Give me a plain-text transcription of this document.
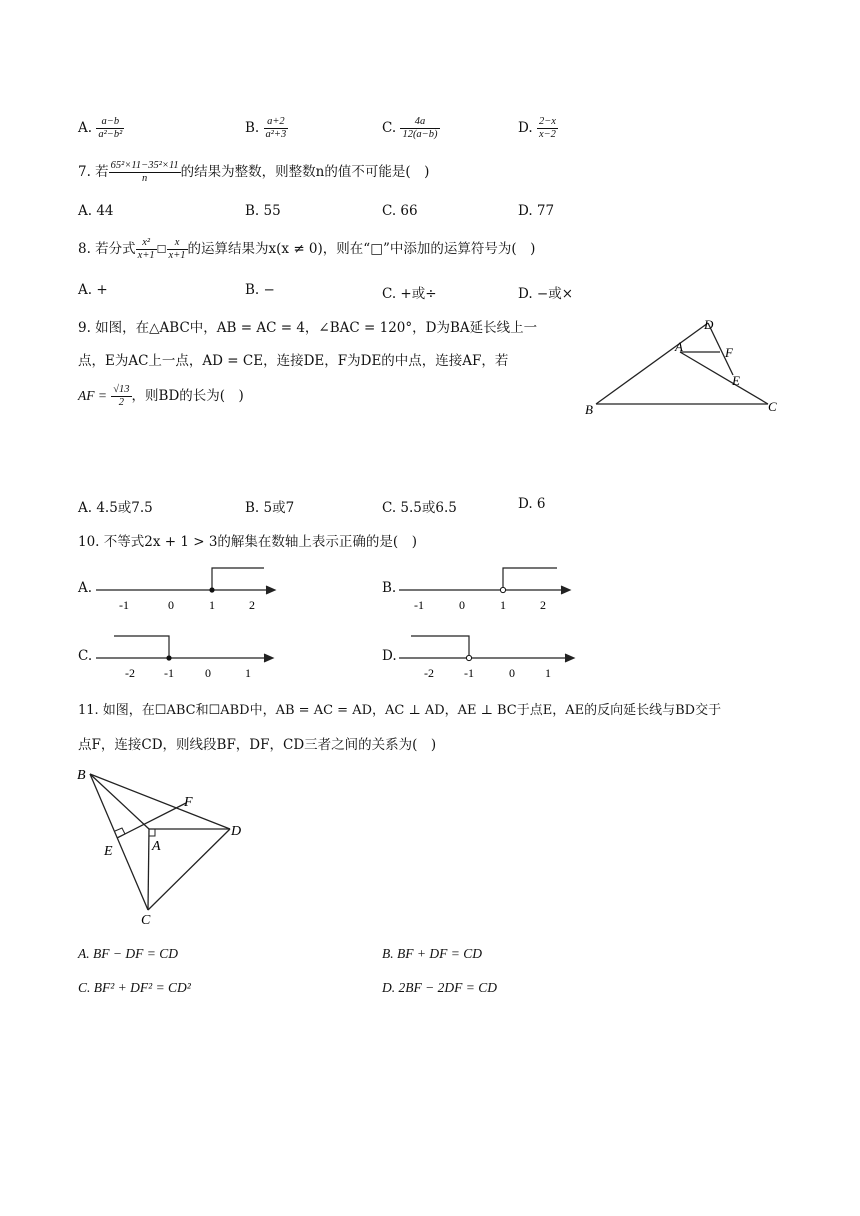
A. $\frac{a-b}{\text{a²−b²}}$	B. $\frac{a+2}{\text{a²+3}}$	C. $\frac{4a}{12(a-b)}$	D. $\frac{2-x}{x-2}$
7. 若 $\frac{\text{65²×11−35²×11}}{n}$ 的结果为整数，则整数n的值不可能是(　)
A. 44	B. 55	C. 66	D. 77
8. 若分式 $\frac{\text{x²}}{x+1}$ ☐ $\frac{x}{x+1}$ 的运算结果为x(x ≠ 0)，则在“□”中添加的运算符号为(　)
A. +	B. −	C. +或÷	D. −或×
9. 如图，在△ABC中，AB = AC = 4，∠BAC = 120°，D为BA延长线上一
点，E为AC上一点，AD = CE，连接DE，F为DE的中点，连接AF，若
AF = $\frac{√13}{2}$ ，则BD的长为(　)
A
B	C
D
E
F
A. 4.5或7.5	B. 5或7	C. 5.5或6.5	D. 6
10. 不等式2x + 1 > 3的解集在数轴上表示正确的是(　)
A.
-1	0	1	2
B.
-1	0	1	2
C.
-2 -1	0	1
D.
-2	-1	0	1
11. 如图，在☐ABC和☐ABD中，AB = AC = AD，AC ⊥ AD，AE ⊥ BC于点E，AE的反向延长线与BD交于
点F，连接CD，则线段BF，DF，CD三者之间的关系为(　)
B
F
D
A
E
C
A. BF − DF = CD	B. BF + DF = CD
C. BF² + DF² = CD²	D. 2BF − 2DF = CD
